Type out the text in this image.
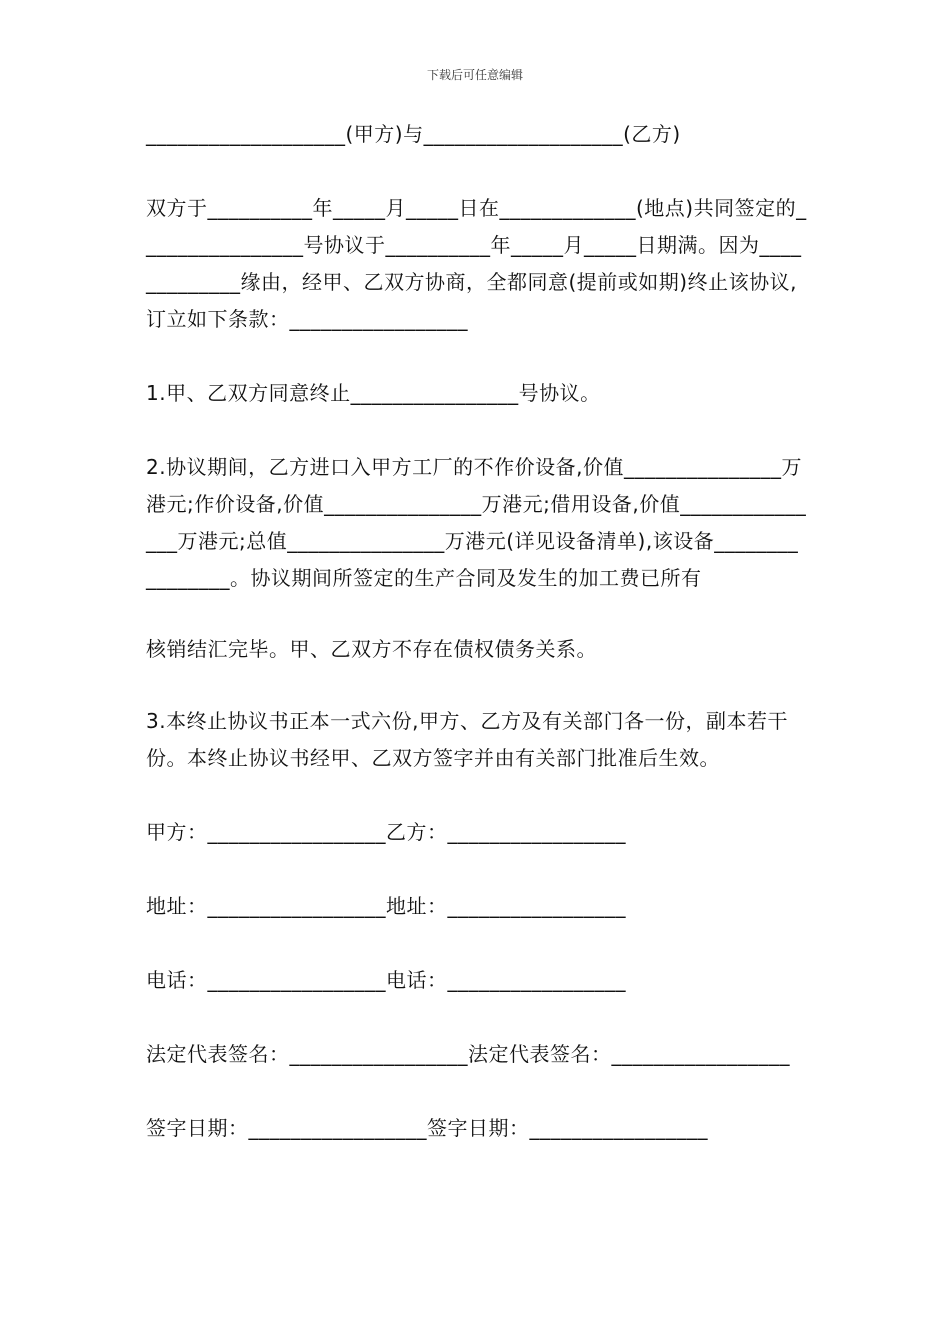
下载后可任意编辑

___________________(甲方)与___________________(乙方)

双方于__________年_____月_____日在_____________(地点)共同签定的________________号协议于__________年_____月_____日期满。因为_____________缘由，经甲、乙双方协商，全都同意(提前或如期)终止该协议,订立如下条款：_________________

1.甲、乙双方同意终止________________号协议。

2.协议期间，乙方进口入甲方工厂的不作价设备,价值_______________万港元;作价设备,价值_______________万港元;借用设备,价值_______________万港元;总值_______________万港元(详见设备清单),该设备________________。协议期间所签定的生产合同及发生的加工费已所有

核销结汇完毕。甲、乙双方不存在债权债务关系。

3.本终止协议书正本一式六份,甲方、乙方及有关部门各一份，副本若干份。本终止协议书经甲、乙双方签字并由有关部门批准后生效。

甲方：_________________乙方：_________________

地址：_________________地址：_________________

电话：_________________电话：_________________

法定代表签名：_________________法定代表签名：_________________

签字日期：_________________签字日期：_________________
